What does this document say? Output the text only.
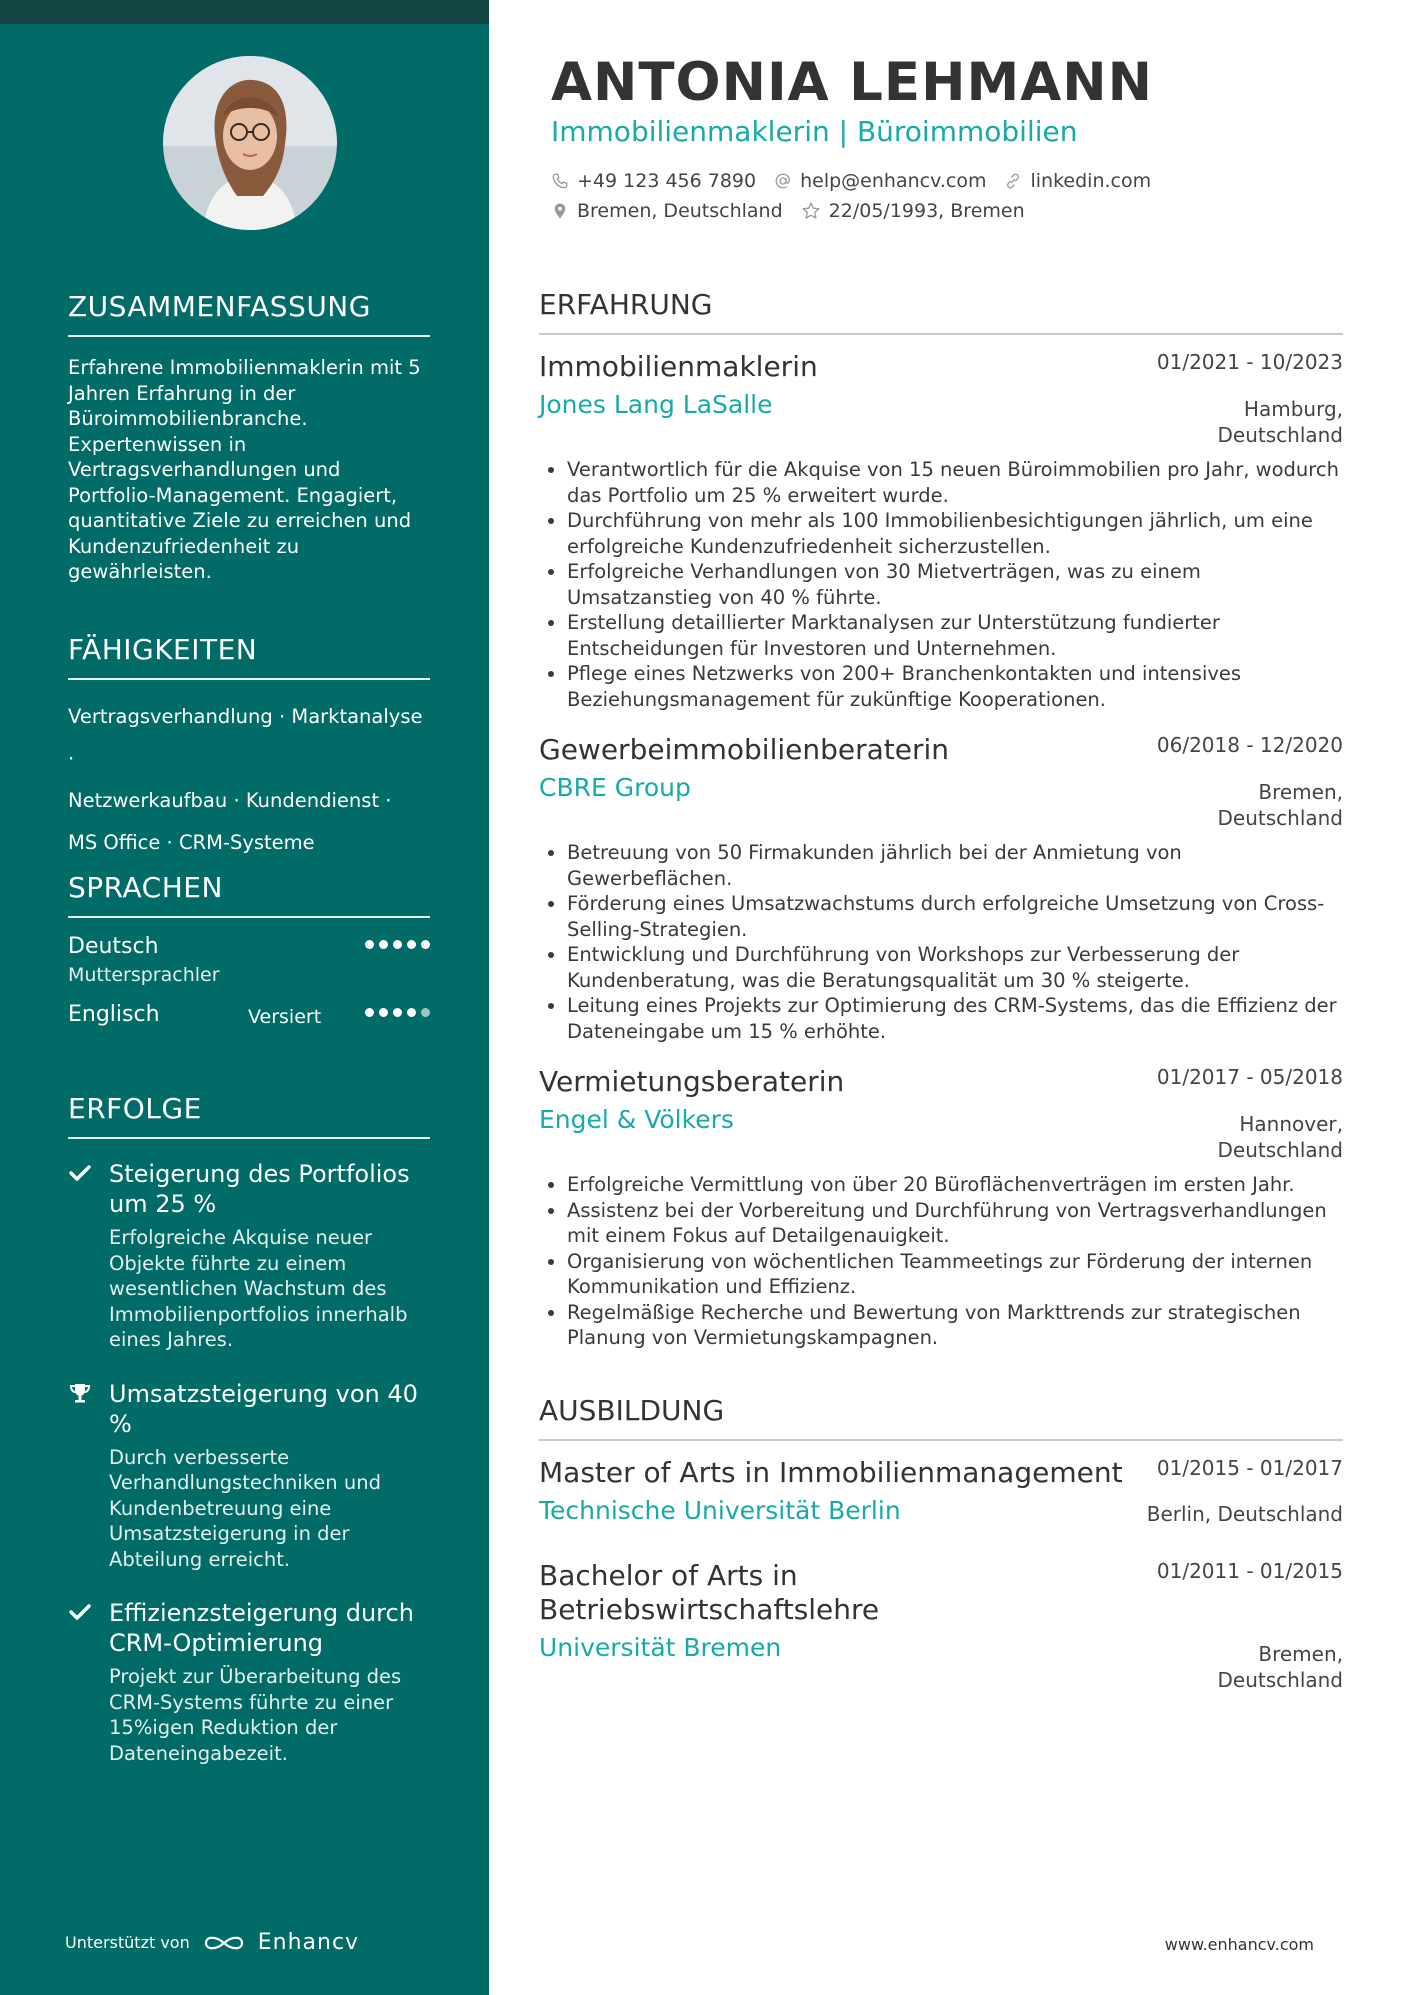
ZUSAMMENFASSUNG
Erfahrene Immobilienmaklerin mit 5 Jahren Erfahrung in der Büroimmobilienbranche. Expertenwissen in Vertragsverhandlungen und Portfolio-Management. Engagiert, quantitative Ziele zu erreichen und Kundenzufriedenheit zu gewährleisten.
FÄHIGKEITEN
Vertragsverhandlung · Marktanalyse ·
Netzwerkaufbau · Kundendienst ·
MS Office · CRM-Systeme
SPRACHEN
Deutsch
Muttersprachler
Englisch	Versiert
ERFOLGE
Steigerung des Portfolios um 25 %
Erfolgreiche Akquise neuer Objekte führte zu einem wesentlichen Wachstum des Immobilienportfolios innerhalb eines Jahres.
Umsatzsteigerung von 40 %
Durch verbesserte Verhandlungstechniken und Kundenbetreuung eine Umsatzsteigerung in der Abteilung erreicht.
Effizienzsteigerung durch CRM-Optimierung
Projekt zur Überarbeitung des CRM-Systems führte zu einer 15%igen Reduktion der Dateneingabezeit.
Unterstützt von	Enhancv
ANTONIA LEHMANN
Immobilienmaklerin | Büroimmobilien
+49 123 456 7890 help@enhancv.com linkedin.com
Bremen, Deutschland 22/05/1993, Bremen
ERFAHRUNG
Immobilienmaklerin	01/2021 - 10/2023
Jones Lang LaSalle	Hamburg,
Deutschland
• Verantwortlich für die Akquise von 15 neuen Büroimmobilien pro Jahr, wodurch das Portfolio um 25 % erweitert wurde.
• Durchführung von mehr als 100 Immobilienbesichtigungen jährlich, um eine erfolgreiche Kundenzufriedenheit sicherzustellen.
• Erfolgreiche Verhandlungen von 30 Mietverträgen, was zu einem Umsatzanstieg von 40 % führte.
• Erstellung detaillierter Marktanalysen zur Unterstützung fundierter Entscheidungen für Investoren und Unternehmen.
• Pflege eines Netzwerks von 200+ Branchenkontakten und intensives Beziehungsmanagement für zukünftige Kooperationen.
Gewerbeimmobilienberaterin	06/2018 - 12/2020
CBRE Group	Bremen,
Deutschland
• Betreuung von 50 Firmakunden jährlich bei der Anmietung von Gewerbeflächen.
• Förderung eines Umsatzwachstums durch erfolgreiche Umsetzung von Cross-Selling-Strategien.
• Entwicklung und Durchführung von Workshops zur Verbesserung der Kundenberatung, was die Beratungsqualität um 30 % steigerte.
• Leitung eines Projekts zur Optimierung des CRM-Systems, das die Effizienz der Dateneingabe um 15 % erhöhte.
Vermietungsberaterin	01/2017 - 05/2018
Engel & Völkers	Hannover,
Deutschland
• Erfolgreiche Vermittlung von über 20 Büroflächenverträgen im ersten Jahr.
• Assistenz bei der Vorbereitung und Durchführung von Vertragsverhandlungen mit einem Fokus auf Detailgenauigkeit.
• Organisierung von wöchentlichen Teammeetings zur Förderung der internen Kommunikation und Effizienz.
• Regelmäßige Recherche und Bewertung von Markttrends zur strategischen Planung von Vermietungskampagnen.
AUSBILDUNG
Master of Arts in Immobilienmanagement	01/2015 - 01/2017
Technische Universität Berlin	Berlin, Deutschland
Bachelor of Arts in Betriebswirtschaftslehre
01/2011 - 01/2015
Universität Bremen	Bremen,
Deutschland
www.enhancv.com
